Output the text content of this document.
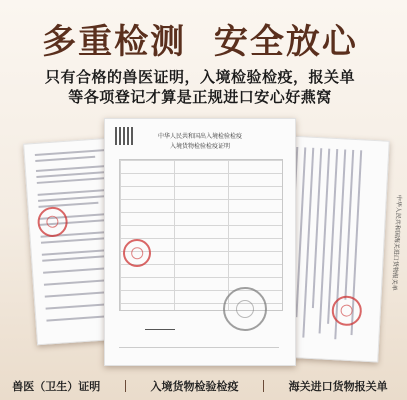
多重检测 安全放心
只有合格的兽医证明，入境检验检疫，报关单
等各项登记才算是正规进口安心好燕窝
中华人民共和国海关进口货物报关单
中华人民共和国出入境检验检疫
入境货物检验检疫证明
兽医（卫生）证明	入境货物检验检疫	海关进口货物报关单
